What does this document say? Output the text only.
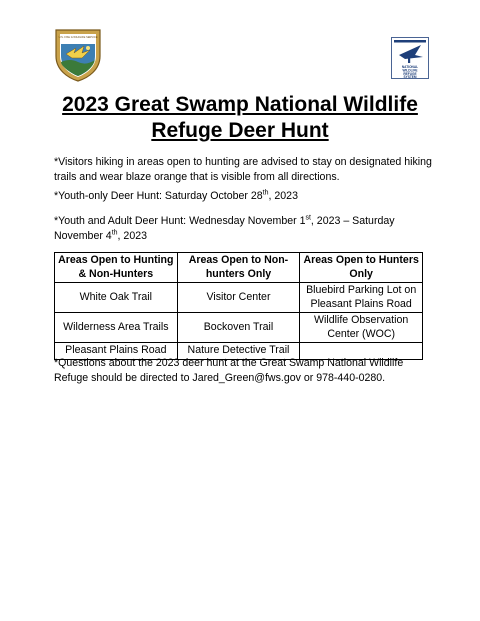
U.S. FISH & WILDLIFE SERVICE
NATIONAL
WILDLIFE
REFUGE
SYSTEM
2023 Great Swamp National Wildlife
Refuge Deer Hunt
*Visitors hiking in areas open to hunting are advised to stay on designated hiking trails and wear blaze orange that is visible from all directions.
*Youth-only Deer Hunt: Saturday October 28th, 2023
*Youth and Adult Deer Hunt: Wednesday November 1st, 2023 – Saturday November 4th, 2023
Areas Open to Hunting & Non-Hunters	Areas Open to Non-hunters Only	Areas Open to Hunters Only
White Oak Trail	Visitor Center	Bluebird Parking Lot on Pleasant Plains Road
Wilderness Area Trails	Bockoven Trail	Wildlife Observation Center (WOC)
Pleasant Plains Road	Nature Detective Trail	
*Questions about the 2023 deer hunt at the Great Swamp National Wildlife Refuge should be directed to Jared_Green@fws.gov or 978-440-0280.
